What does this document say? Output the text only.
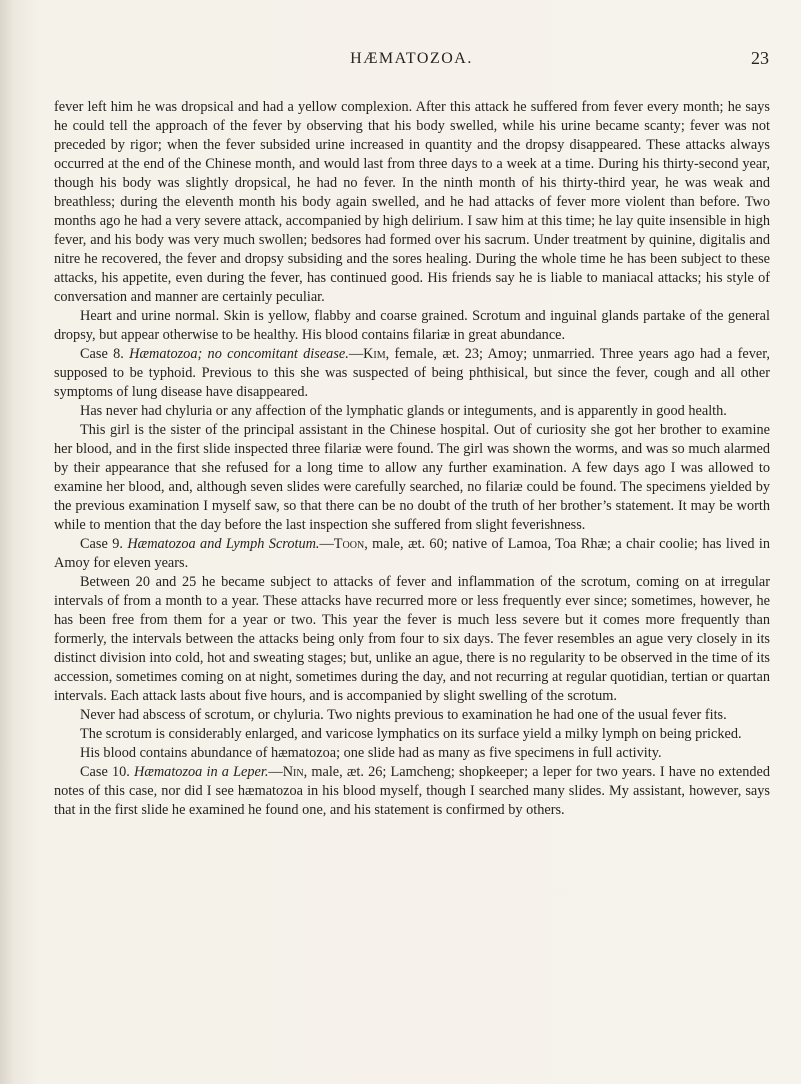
HÆMATOZOA.	23

fever left him he was dropsical and had a yellow complexion. After this attack he suffered from fever every month; he says he could tell the approach of the fever by observing that his body swelled, while his urine became scanty; fever was not preceded by rigor; when the fever subsided urine increased in quantity and the dropsy disappeared. These attacks always occurred at the end of the Chinese month, and would last from three days to a week at a time. During his thirty-second year, though his body was slightly dropsical, he had no fever. In the ninth month of his thirty-third year, he was weak and breathless; during the eleventh month his body again swelled, and he had attacks of fever more violent than before. Two months ago he had a very severe attack, accompanied by high delirium. I saw him at this time; he lay quite insensible in high fever, and his body was very much swollen; bedsores had formed over his sacrum. Under treatment by quinine, digitalis and nitre he recovered, the fever and dropsy subsiding and the sores healing. During the whole time he has been subject to these attacks, his appetite, even during the fever, has continued good. His friends say he is liable to maniacal attacks; his style of conversation and manner are certainly peculiar.

Heart and urine normal. Skin is yellow, flabby and coarse grained. Scrotum and inguinal glands partake of the general dropsy, but appear otherwise to be healthy. His blood contains filariæ in great abundance.

Case 8. Hæmatozoa; no concomitant disease.—Kim, female, æt. 23; Amoy; unmarried. Three years ago had a fever, supposed to be typhoid. Previous to this she was suspected of being phthisical, but since the fever, cough and all other symptoms of lung disease have disappeared.

Has never had chyluria or any affection of the lymphatic glands or integuments, and is apparently in good health.

This girl is the sister of the principal assistant in the Chinese hospital. Out of curiosity she got her brother to examine her blood, and in the first slide inspected three filariæ were found. The girl was shown the worms, and was so much alarmed by their appearance that she refused for a long time to allow any further examination. A few days ago I was allowed to examine her blood, and, although seven slides were carefully searched, no filariæ could be found. The specimens yielded by the previous examination I myself saw, so that there can be no doubt of the truth of her brother’s statement. It may be worth while to mention that the day before the last inspection she suffered from slight feverishness.

Case 9. Hæmatozoa and Lymph Scrotum.—Toon, male, æt. 60; native of Lamoa, Toa Rhæ; a chair coolie; has lived in Amoy for eleven years.

Between 20 and 25 he became subject to attacks of fever and inflammation of the scrotum, coming on at irregular intervals of from a month to a year. These attacks have recurred more or less frequently ever since; sometimes, however, he has been free from them for a year or two. This year the fever is much less severe but it comes more frequently than formerly, the intervals between the attacks being only from four to six days. The fever resembles an ague very closely in its distinct division into cold, hot and sweating stages; but, unlike an ague, there is no regularity to be observed in the time of its accession, sometimes coming on at night, sometimes during the day, and not recurring at regular quotidian, tertian or quartan intervals. Each attack lasts about five hours, and is accompanied by slight swelling of the scrotum.

Never had abscess of scrotum, or chyluria. Two nights previous to examination he had one of the usual fever fits.

The scrotum is considerably enlarged, and varicose lymphatics on its surface yield a milky lymph on being pricked.

His blood contains abundance of hæmatozoa; one slide had as many as five specimens in full activity.

Case 10. Hæmatozoa in a Leper.—Nin, male, æt. 26; Lamcheng; shopkeeper; a leper for two years. I have no extended notes of this case, nor did I see hæmatozoa in his blood myself, though I searched many slides. My assistant, however, says that in the first slide he examined he found one, and his statement is confirmed by others.
